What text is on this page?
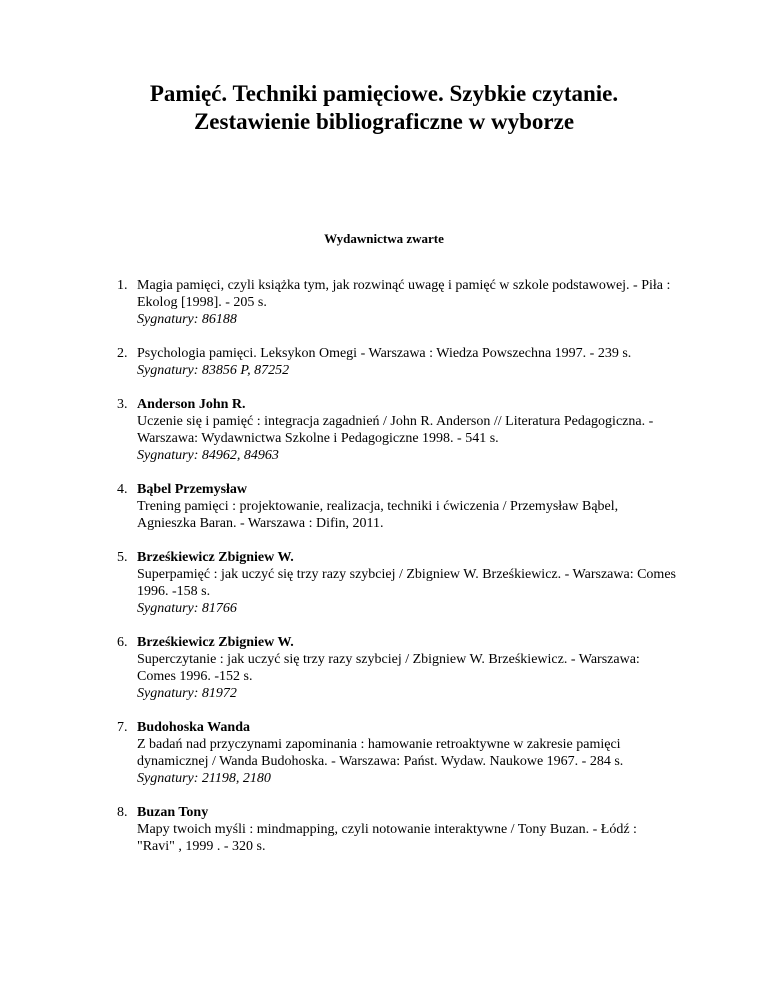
Pamięć. Techniki pamięciowe. Szybkie czytanie.
Zestawienie bibliograficzne w wyborze
Wydawnictwa zwarte
1. Magia pamięci, czyli książka tym, jak rozwinąć uwagę i pamięć w szkole podstawowej. - Piła : Ekolog [1998]. - 205 s.
Sygnatury: 86188
2. Psychologia pamięci. Leksykon Omegi - Warszawa : Wiedza Powszechna 1997. - 239 s.
Sygnatury: 83856 P, 87252
3. Anderson John R.
Uczenie się i pamięć : integracja zagadnień / John R. Anderson // Literatura Pedagogiczna. - Warszawa: Wydawnictwa Szkolne i Pedagogiczne 1998. - 541 s.
Sygnatury: 84962, 84963
4. Bąbel Przemysław
Trening pamięci : projektowanie, realizacja, techniki i ćwiczenia / Przemysław Bąbel, Agnieszka Baran. - Warszawa : Difin, 2011.
5. Brześkiewicz Zbigniew W.
Superpamięć : jak uczyć się trzy razy szybciej / Zbigniew W. Brześkiewicz. - Warszawa: Comes 1996. -158 s.
Sygnatury: 81766
6. Brześkiewicz Zbigniew W.
Superczytanie : jak uczyć się trzy razy szybciej / Zbigniew W. Brześkiewicz. - Warszawa: Comes 1996. -152 s.
Sygnatury: 81972
7. Budohoska Wanda
Z badań nad przyczynami zapominania : hamowanie retroaktywne w zakresie pamięci dynamicznej / Wanda Budohoska. - Warszawa: Państ. Wydaw. Naukowe 1967. - 284 s.
Sygnatury: 21198, 2180
8. Buzan Tony
Mapy twoich myśli : mindmapping, czyli notowanie interaktywne / Tony Buzan. - Łódź : "Ravi" , 1999 . - 320 s.
